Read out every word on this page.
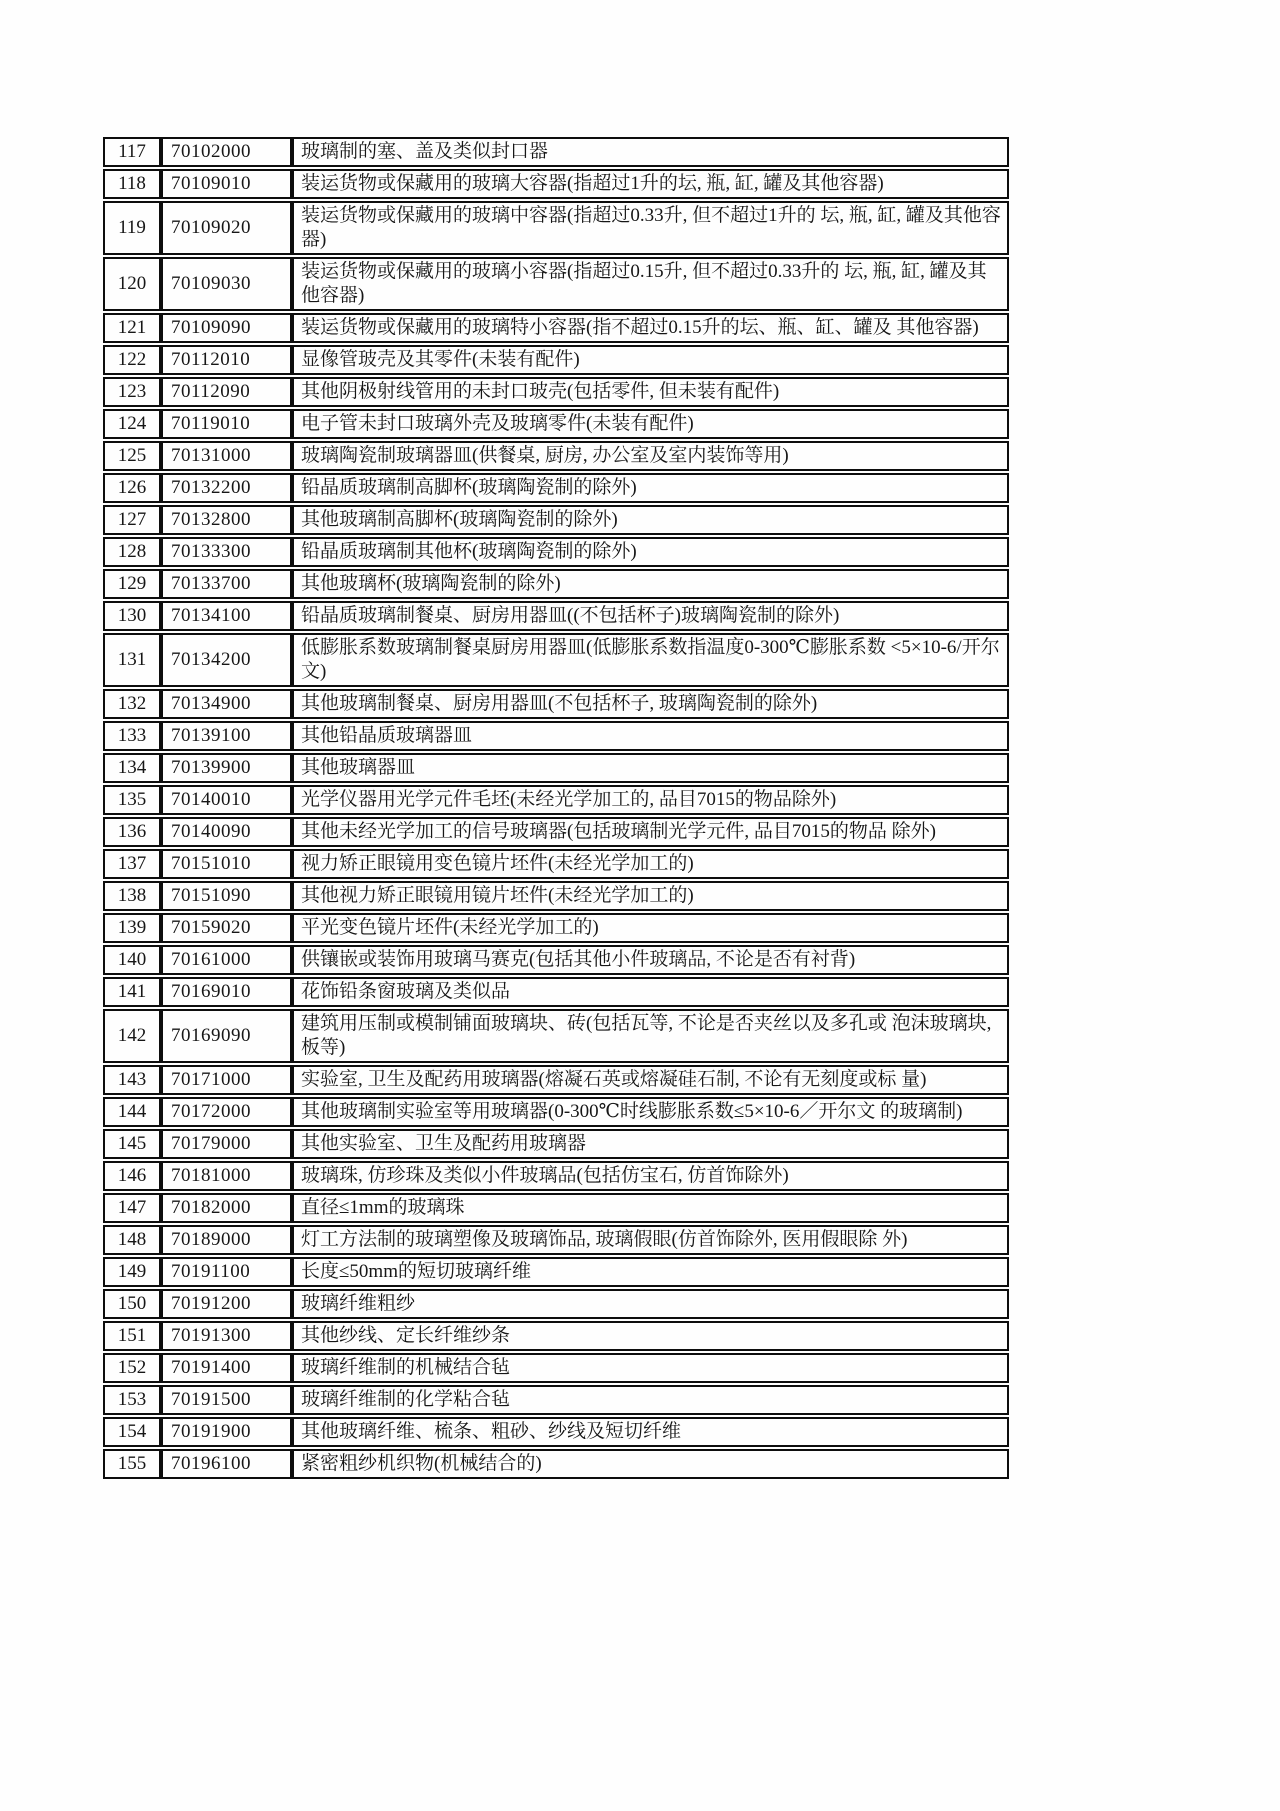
117	70102000	玻璃制的塞、盖及类似封口器
118	70109010	装运货物或保藏用的玻璃大容器(指超过1升的坛, 瓶, 缸, 罐及其他容器)
119	70109020	装运货物或保藏用的玻璃中容器(指超过0.33升, 但不超过1升的 坛, 瓶, 缸, 罐及其他容器)
120	70109030	装运货物或保藏用的玻璃小容器(指超过0.15升, 但不超过0.33升的 坛, 瓶, 缸, 罐及其他容器)
121	70109090	装运货物或保藏用的玻璃特小容器(指不超过0.15升的坛、瓶、缸、罐及 其他容器)
122	70112010	显像管玻壳及其零件(未装有配件)
123	70112090	其他阴极射线管用的未封口玻壳(包括零件, 但未装有配件)
124	70119010	电子管未封口玻璃外壳及玻璃零件(未装有配件)
125	70131000	玻璃陶瓷制玻璃器皿(供餐桌, 厨房, 办公室及室内装饰等用)
126	70132200	铅晶质玻璃制高脚杯(玻璃陶瓷制的除外)
127	70132800	其他玻璃制高脚杯(玻璃陶瓷制的除外)
128	70133300	铅晶质玻璃制其他杯(玻璃陶瓷制的除外)
129	70133700	其他玻璃杯(玻璃陶瓷制的除外)
130	70134100	铅晶质玻璃制餐桌、厨房用器皿((不包括杯子)玻璃陶瓷制的除外)
131	70134200	低膨胀系数玻璃制餐桌厨房用器皿(低膨胀系数指温度0-300℃膨胀系数 <5×10-6/开尔文)
132	70134900	其他玻璃制餐桌、厨房用器皿(不包括杯子, 玻璃陶瓷制的除外)
133	70139100	其他铅晶质玻璃器皿
134	70139900	其他玻璃器皿
135	70140010	光学仪器用光学元件毛坯(未经光学加工的, 品目7015的物品除外)
136	70140090	其他未经光学加工的信号玻璃器(包括玻璃制光学元件, 品目7015的物品 除外)
137	70151010	视力矫正眼镜用变色镜片坯件(未经光学加工的)
138	70151090	其他视力矫正眼镜用镜片坯件(未经光学加工的)
139	70159020	平光变色镜片坯件(未经光学加工的)
140	70161000	供镶嵌或装饰用玻璃马赛克(包括其他小件玻璃品, 不论是否有衬背)
141	70169010	花饰铅条窗玻璃及类似品
142	70169090	建筑用压制或模制铺面玻璃块、砖(包括瓦等, 不论是否夹丝以及多孔或 泡沫玻璃块, 板等)
143	70171000	实验室, 卫生及配药用玻璃器(熔凝石英或熔凝硅石制, 不论有无刻度或标 量)
144	70172000	其他玻璃制实验室等用玻璃器(0-300℃时线膨胀系数≤5×10-6／开尔文 的玻璃制)
145	70179000	其他实验室、卫生及配药用玻璃器
146	70181000	玻璃珠, 仿珍珠及类似小件玻璃品(包括仿宝石, 仿首饰除外)
147	70182000	直径≤1mm的玻璃珠
148	70189000	灯工方法制的玻璃塑像及玻璃饰品, 玻璃假眼(仿首饰除外, 医用假眼除 外)
149	70191100	长度≤50mm的短切玻璃纤维
150	70191200	玻璃纤维粗纱
151	70191300	其他纱线、定长纤维纱条
152	70191400	玻璃纤维制的机械结合毡
153	70191500	玻璃纤维制的化学粘合毡
154	70191900	其他玻璃纤维、梳条、粗砂、纱线及短切纤维
155	70196100	紧密粗纱机织物(机械结合的)
